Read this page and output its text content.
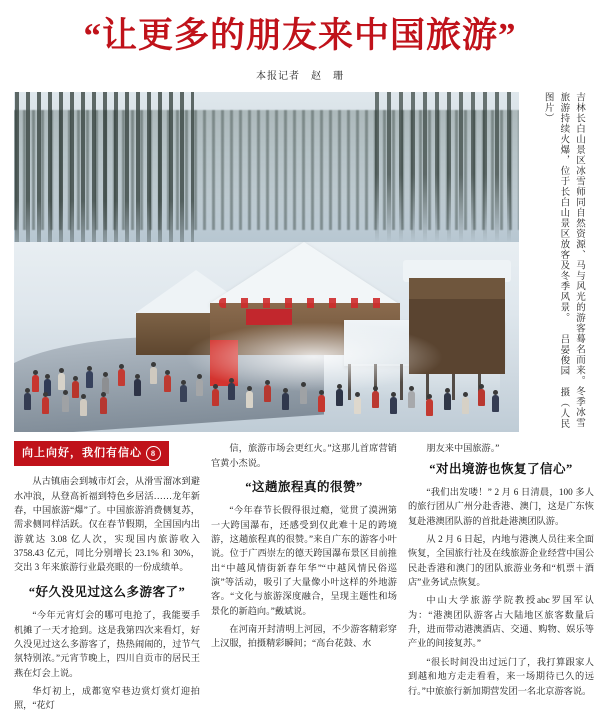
“让更多的朋友来中国旅游”
本报记者　赵　珊
吉林长白山景区冰雪师同自然资源、马与风光的游客蓦名而来。冬季冰雪旅游持续火爆，位于长白山景区放客及冬季风景。 吕晏俊园 摄（人民图片）
向上向好，我们有信心	8

从古镇庙会到城市灯会，从滑雪溜冰到避水冲浪，从登高祈福到特色乡居活……龙年新春，中国旅游“爆”了。中国旅游消费侧复苏，需求侧同样活跃。仅在春节假期，全国国内出游就达 3.08 亿人次，实现国内旅游收入 3758.43 亿元，同比分别增长 23.1% 和 30%，交出 3 年来旅游行业最亮眼的一份成绩单。

“好久没见过这么多游客了”

“今年元宵灯会的哪可电抢了，我能要手机摊了一天才抢到。这是我第四次来看灯，好久没见过这么多游客了，热热闹闹的，过节气氛特别浓。”元宵节晚上，四川自贡市的居民王燕在灯会上说。

华灯初上，成都宽窄巷边赏灯赏灯迎拍照，“花灯

信，旅游市场会更红火。”这那儿首席营销官黄小杰说。

“这趟旅程真的很赞”

“今年春节长假得很过瘾，觉贯了漠洲第一大跨国瀑布，还感受到仅此难十足的跨境游，这趟旅程真的很赞。”来自广东的游客小叶说。位于广西崇左的德天跨国瀑布景区目前推出“中越风情街新春年华”“中越风情民俗巡演”等活动，吸引了大量像小叶这样的外地游客。“文化与旅游深度融合，呈现主题性和场景化的新趋向。”戴斌说。

在河南开封清明上河园，不少游客精彩穿上汉服，拍摄精彩瞬间；“高台花鼓、水

朋友来中国旅游。”

“对出境游也恢复了信心”

“我们出发喽！” 2 月 6 日清晨，100 多人的旅行团从广州分赴香港、澳门，这是广东恢复赴港澳团队游的首批赴港澳团队游。

从 2 月 6 日起，内地与港澳人员往来全面恢复，全国旅行社及在线旅游企业经营中国公民赴香港和澳门的团队旅游业务和“机票＋酒店”业务试点恢复。

中山大学旅游学院教授abc罗国军认为：“港澳团队游客占大陆地区旅客数量后升，进而带动港澳酒店、交通、购物、娱乐等产业的间接复苏。”

“很长时间没出过远门了，我打算跟家人到越和地方走走看看，来一场期待已久的远行。”中旅旅行新加期营发团一名北京游客说。
